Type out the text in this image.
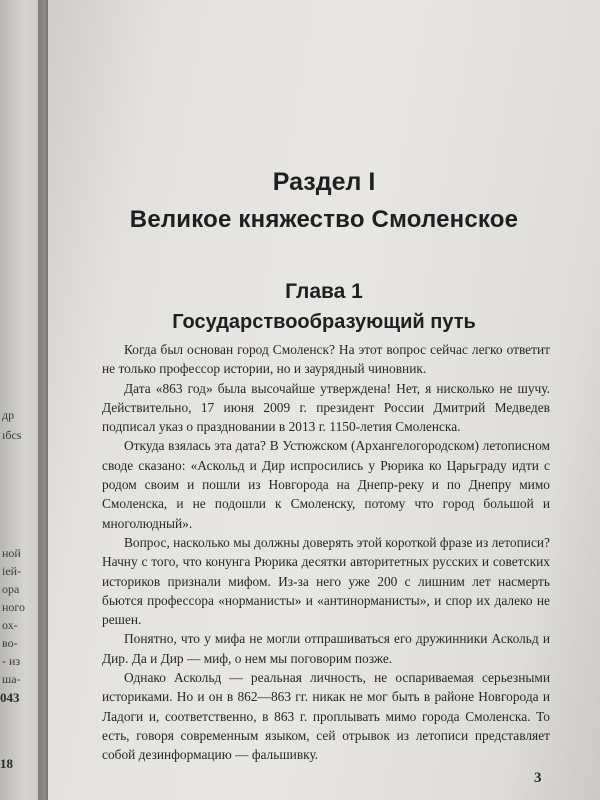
др
ıбсs
ной
іей-
ора
ного
ох-
во-
- из
ша-
043
18
Раздел I
Великое княжество Смоленское
Глава 1
Государствообразующий путь

Когда был основан город Смоленск? На этот вопрос сейчас легко ответит не только профессор истории, но и заурядный чиновник.

Дата «863 год» была высочайше утверждена! Нет, я нисколько не шучу. Действительно, 17 июня 2009 г. президент России Дмитрий Медведев подписал указ о праздновании в 2013 г. 1150-летия Смоленска.

Откуда взялась эта дата? В Устюжском (Архангелогородском) летописном своде сказано: «Аскольд и Дир испросились у Рюрика ко Царьграду идти с родом своим и пошли из Новгорода на Днепр-реку и по Днепру мимо Смоленска, и не подошли к Смоленску, потому что город большой и многолюдный».

Вопрос, насколько мы должны доверять этой короткой фразе из летописи? Начну с того, что конунга Рюрика десятки авторитетных русских и советских историков признали мифом. Из-за него уже 200 с лишним лет насмерть бьются профессора «норманисты» и «антинорманисты», и спор их далеко не решен.

Понятно, что у мифа не могли отпрашиваться его дружинники Аскольд и Дир. Да и Дир — миф, о нем мы поговорим позже.

Однако Аскольд — реальная личность, не оспариваемая серьезными историками. Но и он в 862—863 гг. никак не мог быть в районе Новгорода и Ладоги и, соответственно, в 863 г. проплывать мимо города Смоленска. То есть, говоря современным языком, сей отрывок из летописи представляет собой дезинформацию — фальшивку.

3
